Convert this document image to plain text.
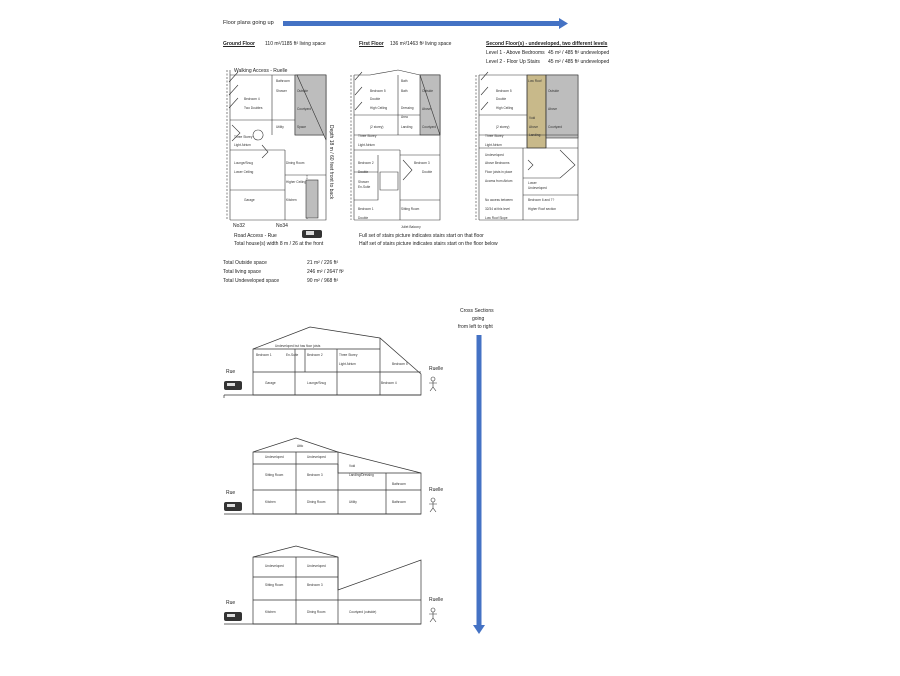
Floor plans going up
Ground Floor 110 m²/1185 ft² living space	First Floor 136 m²/1463 ft² living space	Second Floor(s) - undeveloped, two different levels
Level 1 - Above Bedrooms 45 m² / 485 ft² undeveloped
Level 2 - Floor Up Stairs 45 m² / 485 ft² undeveloped
Walking Access - Ruelle
Bathroom
Shower	Outside
Bedroom 4
Two Doubles	Courtyard
Utility	Space
Three Storey
Light Atrium
Lounge/Snug
Lower Ceiling
Dining Room
Higher Ceiling
Garage	Kitchen
Depth 18 m / 60 feet front to back
No32	No34
Road Access - Rue
Total house(s) width 8 m / 26 at the front
Bedroom 5
Double
High Ceiling
Bath
Bath
Dressing
Area
Landing
Outside
Above
Courtyard
(2 storey)
Three Storey
Light Atrium
Bedroom 2
Double
Bedroom 3
Double
Shower
En-Suite
Sitting Room
Bedroom 1
Double
Juliet Balcony
Full set of stairs picture indicates stairs start on that floor
Half set of stairs picture indicates stairs start on the floor below
Low Roof
Bedroom 5
Double
High Ceiling
Void
Above
Landing
Outside
Above
Courtyard
(2 storey)
Three Storey
Light Atrium
Undeveloped
Above Bedrooms
Floor joists in place
Access from Atrium	Lower
Undeveloped
No access between
32/34 at this level
Low Roof Slope
Bedroom 6 and 7?
Higher Roof section
Total Outside space	21 m² / 226 ft²
Total living space	246 m² / 2647 ft²
Total Undeveloped space	90 m² / 968 ft²
Cross Sections
going
from left to right
Rue	Ruelle
Undeveloped but has floor joists
Bedroom 1	En-Suite	Bedroom 2	Three Storey
Light Atrium	Bedroom 5
Garage	Lounge/Snug	Bedroom 4
Rue	Ruelle
Attic
Undeveloped	Undeveloped
Void
Sitting Room	Bedroom 3	Landing/Dressing
Bathroom
Kitchen	Dining Room	Utility	Bathroom
Rue	Ruelle
Undeveloped	Undeveloped
Sitting Room	Bedroom 3
Kitchen	Dining Room	Courtyard (outside)
